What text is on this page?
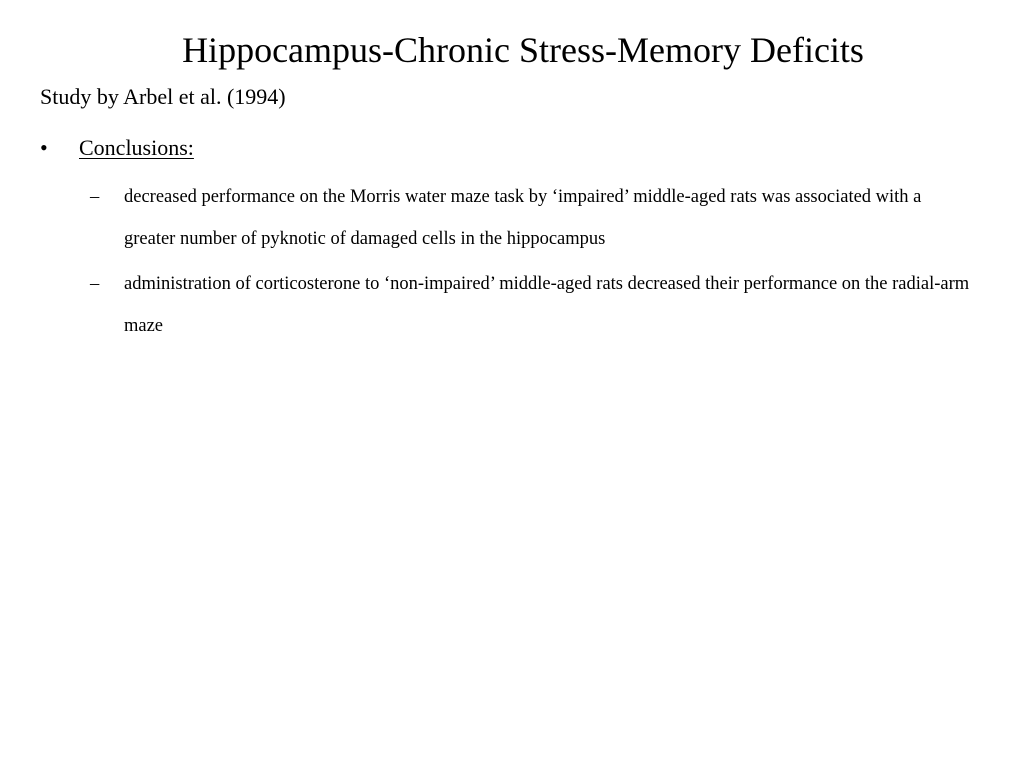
Hippocampus-Chronic Stress-Memory Deficits
Study by Arbel et al. (1994)
• Conclusions:
– decreased performance on the Morris water maze task by ‘impaired’ middle-aged rats was associated with a greater number of pyknotic of damaged cells in the hippocampus
– administration of corticosterone to ‘non-impaired’ middle-aged rats decreased their performance on the radial-arm maze
